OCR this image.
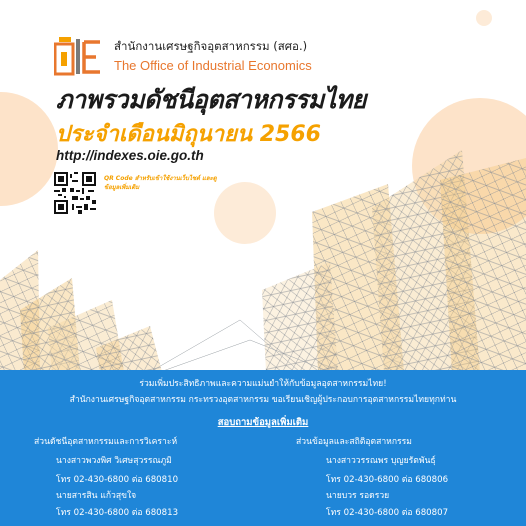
สำนักงานเศรษฐกิจอุตสาหกรรม (สศอ.)
The Office of Industrial Economics
ภาพรวมดัชนีอุตสาหกรรมไทย
ประจำเดือนมิถุนายน 2566
http://indexes.oie.go.th
QR Code สำหรับเข้าใช้งานเว็บไซต์ และดูข้อมูลเพิ่มเติม
ร่วมเพิ่มประสิทธิภาพและความแม่นยำให้กับข้อมูลอุตสาหกรรมไทย!
สำนักงานเศรษฐกิจอุตสาหกรรม กระทรวงอุตสาหกรรม ขอเรียนเชิญผู้ประกอบการอุตสาหกรรมไทยทุกท่าน
สอบถามข้อมูลเพิ่มเติม
ส่วนดัชนีอุตสาหกรรมและการวิเคราะห์
นางสาวพวงพิศ วิเศษสุวรรณภูมิ
โทร 02-430-6800 ต่อ 680810
นายสารสิน แก้วสุขใจ
โทร 02-430-6800 ต่อ 680813
ส่วนข้อมูลและสถิติอุตสาหกรรม
นางสาววรรณพร บุญยรัตพันธุ์
โทร 02-430-6800 ต่อ 680806
นายบวร รอดรวย
โทร 02-430-6800 ต่อ 680807
